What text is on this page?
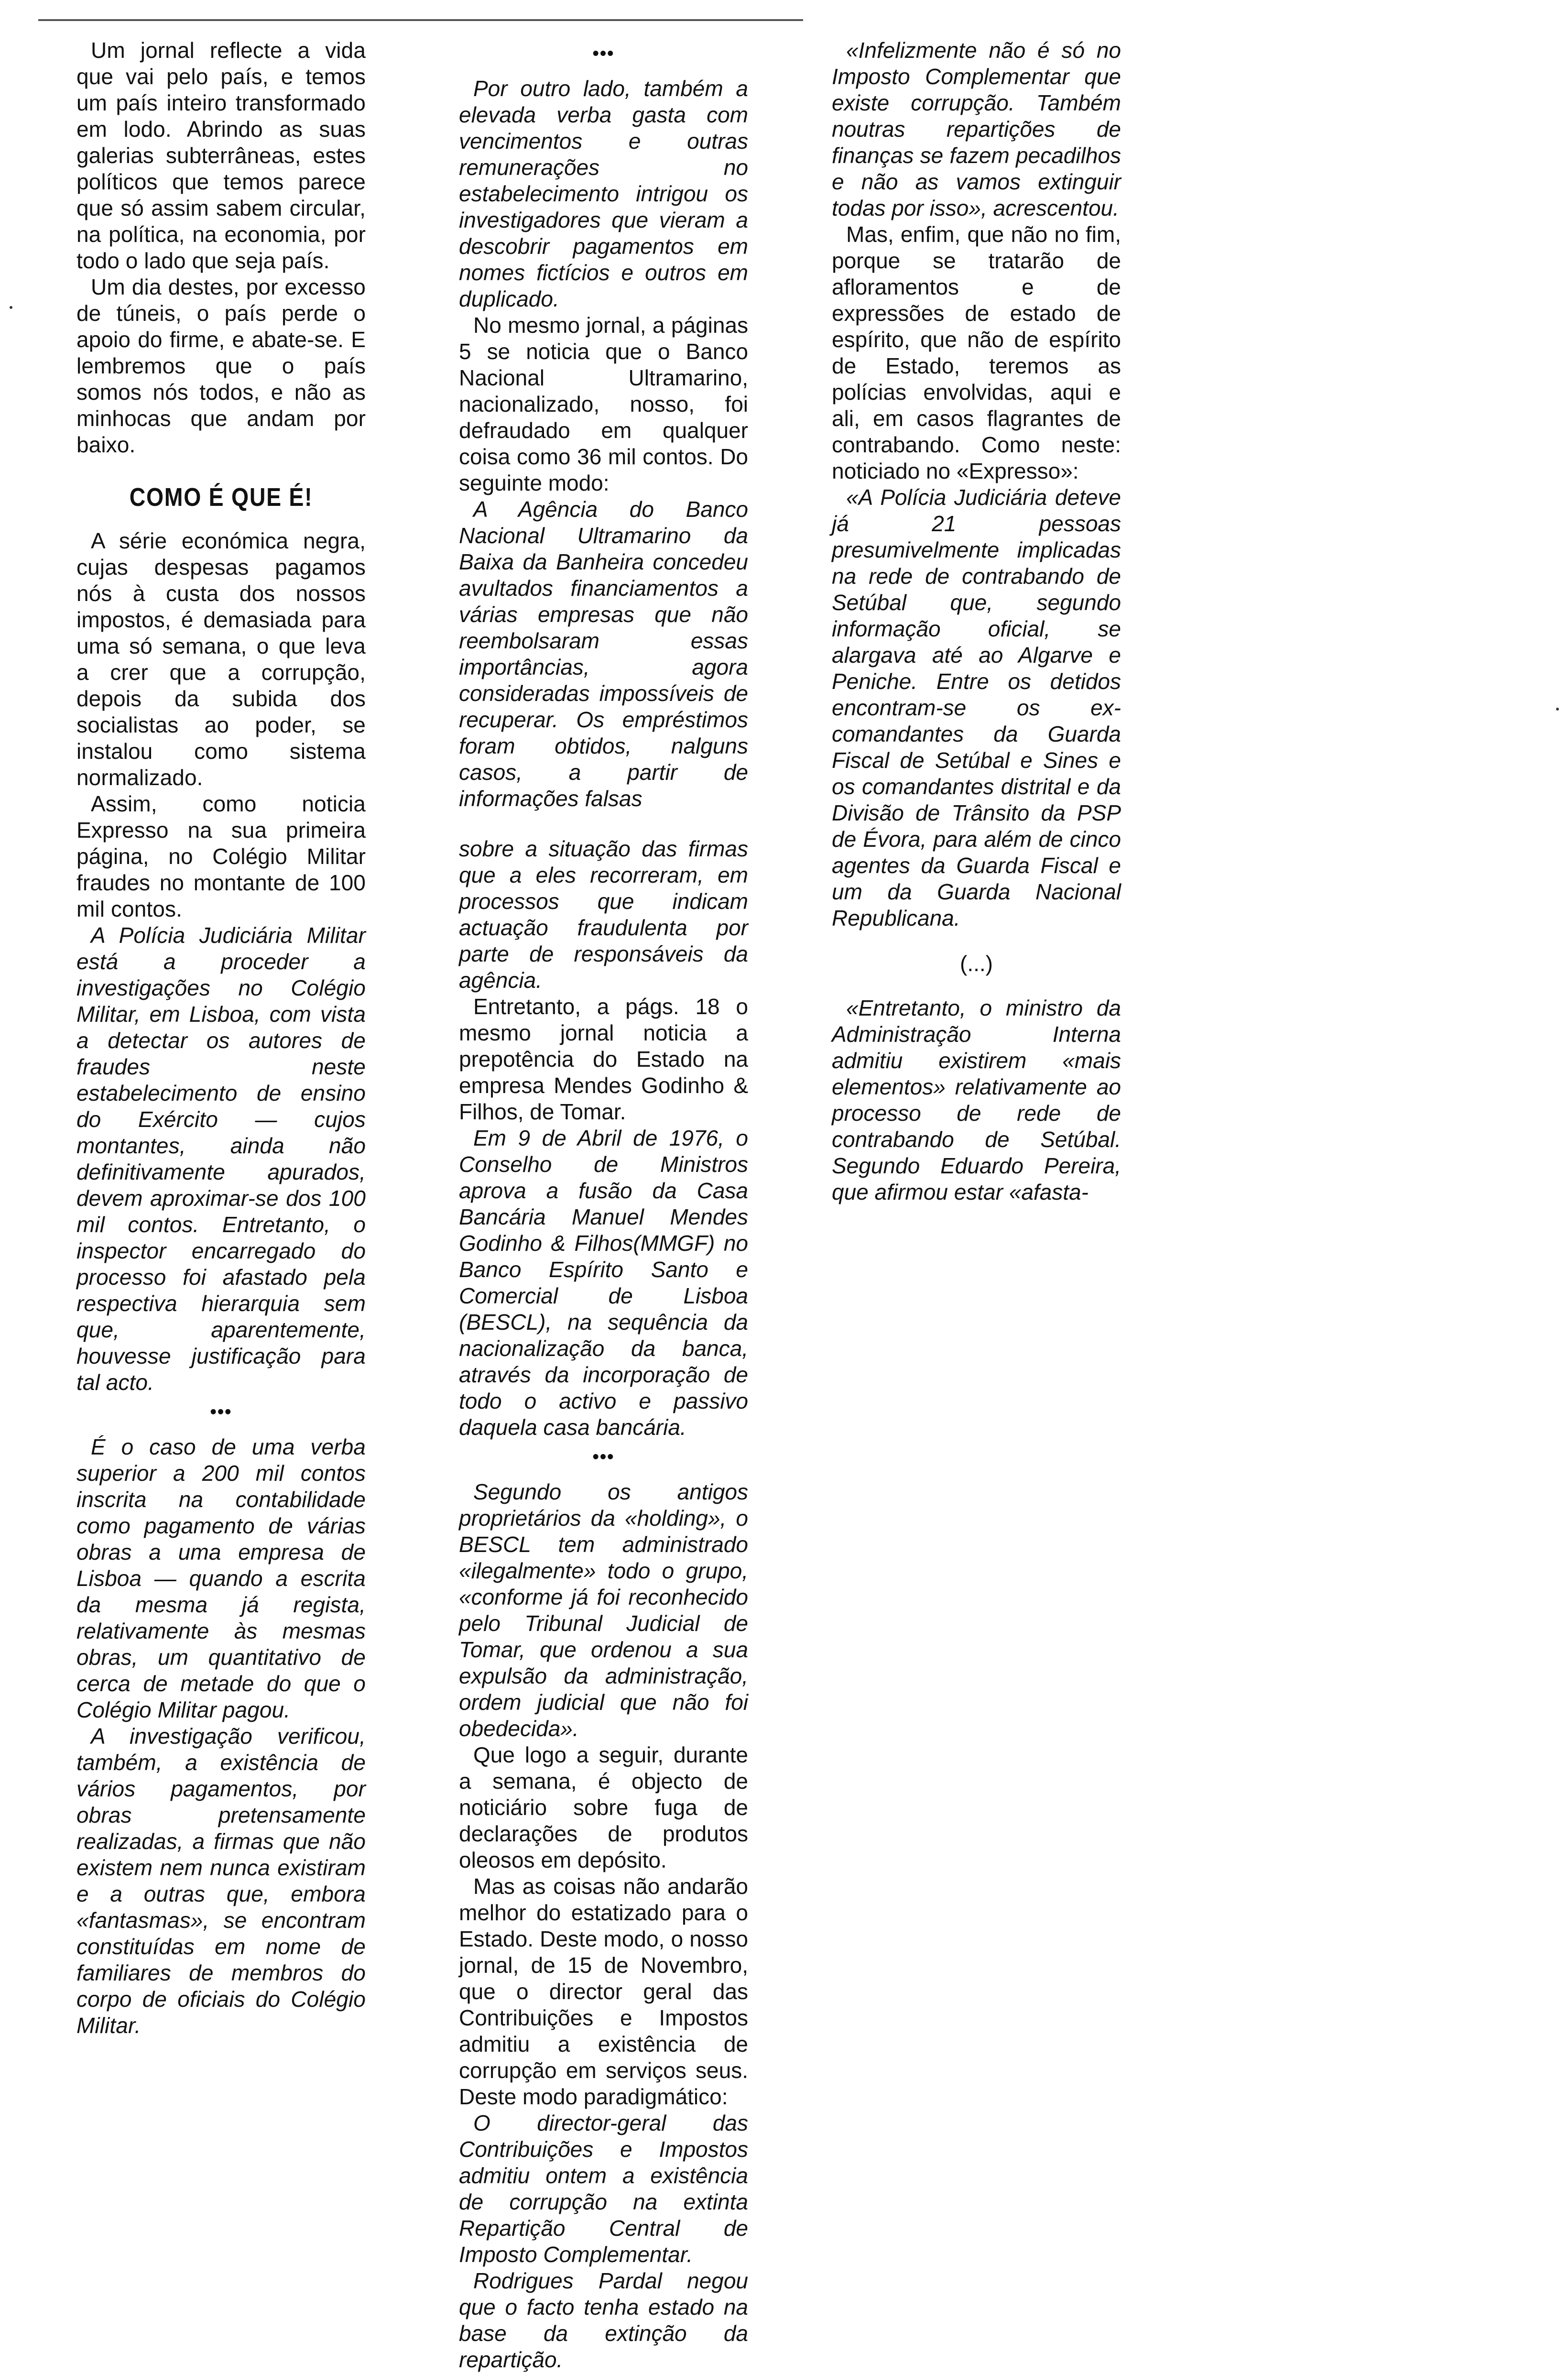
Um jornal reflecte a vida que vai pelo país, e temos um país inteiro transformado em lodo. Abrindo as suas galerias subterrâneas, estes políticos que temos parece que só assim sabem circular, na política, na economia, por todo o lado que seja país.

Um dia destes, por excesso de túneis, o país perde o apoio do firme, e abate-se. E lembremos que o país somos nós todos, e não as minhocas que andam por baixo.

COMO É QUE É!

A série económica negra, cujas despesas pagamos nós à custa dos nossos impostos, é demasiada para uma só semana, o que leva a crer que a corrupção, depois da subida dos socialistas ao poder, se instalou como sistema normalizado.

Assim, como noticia Expresso na sua primeira página, no Colégio Militar fraudes no montante de 100 mil contos.

A Polícia Judiciária Militar está a proceder a investigações no Colégio Militar, em Lisboa, com vista a detectar os autores de fraudes neste estabelecimento de ensino do Exército — cujos montantes, ainda não definitivamente apurados, devem aproximar-se dos 100 mil contos. Entretanto, o inspector encarregado do processo foi afastado pela respectiva hierarquia sem que, aparentemente, houvesse justificação para tal acto.

•••

É o caso de uma verba superior a 200 mil contos inscrita na contabilidade como pagamento de várias obras a uma empresa de Lisboa — quando a escrita da mesma já regista, relativamente às mesmas obras, um quantitativo de cerca de metade do que o Colégio Militar pagou.

A investigação verificou, também, a existência de vários pagamentos, por obras pretensamente realizadas, a firmas que não existem nem nunca existiram e a outras que, embora «fantasmas», se encontram constituídas em nome de familiares de membros do corpo de oficiais do Colégio Militar.

•••

Por outro lado, também a elevada verba gasta com vencimentos e outras remunerações no estabelecimento intrigou os investigadores que vieram a descobrir pagamentos em nomes fictícios e outros em duplicado.

No mesmo jornal, a páginas 5 se noticia que o Banco Nacional Ultramarino, nacionalizado, nosso, foi defraudado em qualquer coisa como 36 mil contos. Do seguinte modo:

A Agência do Banco Nacional Ultramarino da Baixa da Banheira concedeu avultados financiamentos a várias empresas que não reembolsaram essas importâncias, agora consideradas impossíveis de recuperar. Os empréstimos foram obtidos, nalguns casos, a partir de informações falsas

sobre a situação das firmas que a eles recorreram, em processos que indicam actuação fraudulenta por parte de responsáveis da agência.

Entretanto, a págs. 18 o mesmo jornal noticia a prepotência do Estado na empresa Mendes Godinho & Filhos, de Tomar.

Em 9 de Abril de 1976, o Conselho de Ministros aprova a fusão da Casa Bancária Manuel Mendes Godinho & Filhos(MMGF) no Banco Espírito Santo e Comercial de Lisboa (BESCL), na sequência da nacionalização da banca, através da incorporação de todo o activo e passivo daquela casa bancária.

•••

Segundo os antigos proprietários da «holding», o BESCL tem administrado «ilegalmente» todo o grupo, «conforme já foi reconhecido pelo Tribunal Judicial de Tomar, que ordenou a sua expulsão da administração, ordem judicial que não foi obedecida».

Que logo a seguir, durante a semana, é objecto de noticiário sobre fuga de declarações de produtos oleosos em depósito.

Mas as coisas não andarão melhor do estatizado para o Estado. Deste modo, o nosso jornal, de 15 de Novembro, que o director geral das Contribuições e Impostos admitiu a existência de corrupção em serviços seus. Deste modo paradigmático:

O director-geral das Contribuições e Impostos admitiu ontem a existência de corrupção na extinta Repartição Central de Imposto Complementar.

Rodrigues Pardal negou que o facto tenha estado na base da extinção da repartição.

«Infelizmente não é só no Imposto Complementar que existe corrupção. Também noutras repartições de finanças se fazem pecadilhos e não as vamos extinguir todas por isso», acrescentou.

Mas, enfim, que não no fim, porque se tratarão de afloramentos e de expressões de estado de espírito, que não de espírito de Estado, teremos as polícias envolvidas, aqui e ali, em casos flagrantes de contrabando. Como neste: noticiado no «Expresso»:

«A Polícia Judiciária deteve já 21 pessoas presumivelmente implicadas na rede de contrabando de Setúbal que, segundo informação oficial, se alargava até ao Algarve e Peniche. Entre os detidos encontram-se os ex-comandantes da Guarda Fiscal de Setúbal e Sines e os comandantes distrital e da Divisão de Trânsito da PSP de Évora, para além de cinco agentes da Guarda Fiscal e um da Guarda Nacional Republicana.

(...)

«Entretanto, o ministro da Administração Interna admitiu existirem «mais elementos» relativamente ao processo de rede de contrabando de Setúbal. Segundo Eduardo Pereira, que afirmou estar «afasta-
